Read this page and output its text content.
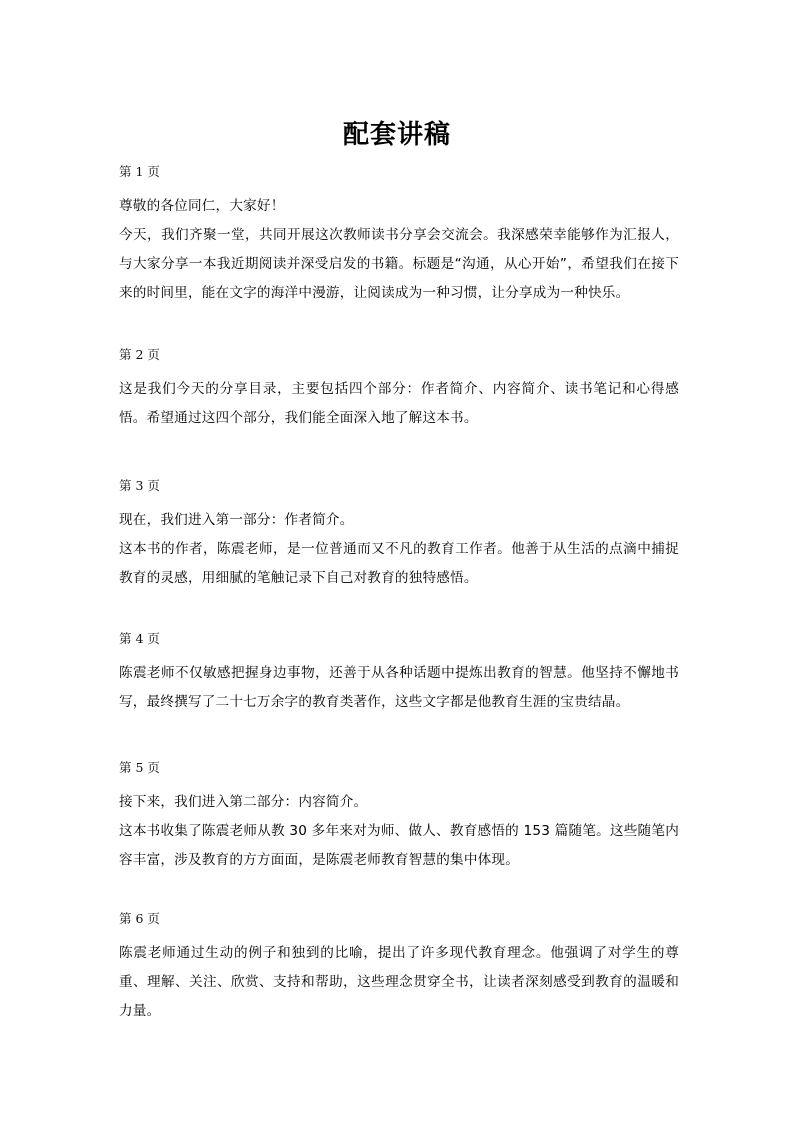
配套讲稿
第 1 页

尊敬的各位同仁，大家好！

今天，我们齐聚一堂，共同开展这次教师读书分享会交流会。我深感荣幸能够作为汇报人，与大家分享一本我近期阅读并深受启发的书籍。标题是“沟通，从心开始”，希望我们在接下来的时间里，能在文字的海洋中漫游，让阅读成为一种习惯，让分享成为一种快乐。

第 2 页

这是我们今天的分享目录，主要包括四个部分：作者简介、内容简介、读书笔记和心得感悟。希望通过这四个部分，我们能全面深入地了解这本书。

第 3 页

现在，我们进入第一部分：作者简介。

这本书的作者，陈震老师，是一位普通而又不凡的教育工作者。他善于从生活的点滴中捕捉教育的灵感，用细腻的笔触记录下自己对教育的独特感悟。

第 4 页

陈震老师不仅敏感把握身边事物，还善于从各种话题中提炼出教育的智慧。他坚持不懈地书写，最终撰写了二十七万余字的教育类著作，这些文字都是他教育生涯的宝贵结晶。

第 5 页

接下来，我们进入第二部分：内容简介。

这本书收集了陈震老师从教 30 多年来对为师、做人、教育感悟的 153 篇随笔。这些随笔内容丰富，涉及教育的方方面面，是陈震老师教育智慧的集中体现。

第 6 页

陈震老师通过生动的例子和独到的比喻，提出了许多现代教育理念。他强调了对学生的尊重、理解、关注、欣赏、支持和帮助，这些理念贯穿全书，让读者深刻感受到教育的温暖和力量。
